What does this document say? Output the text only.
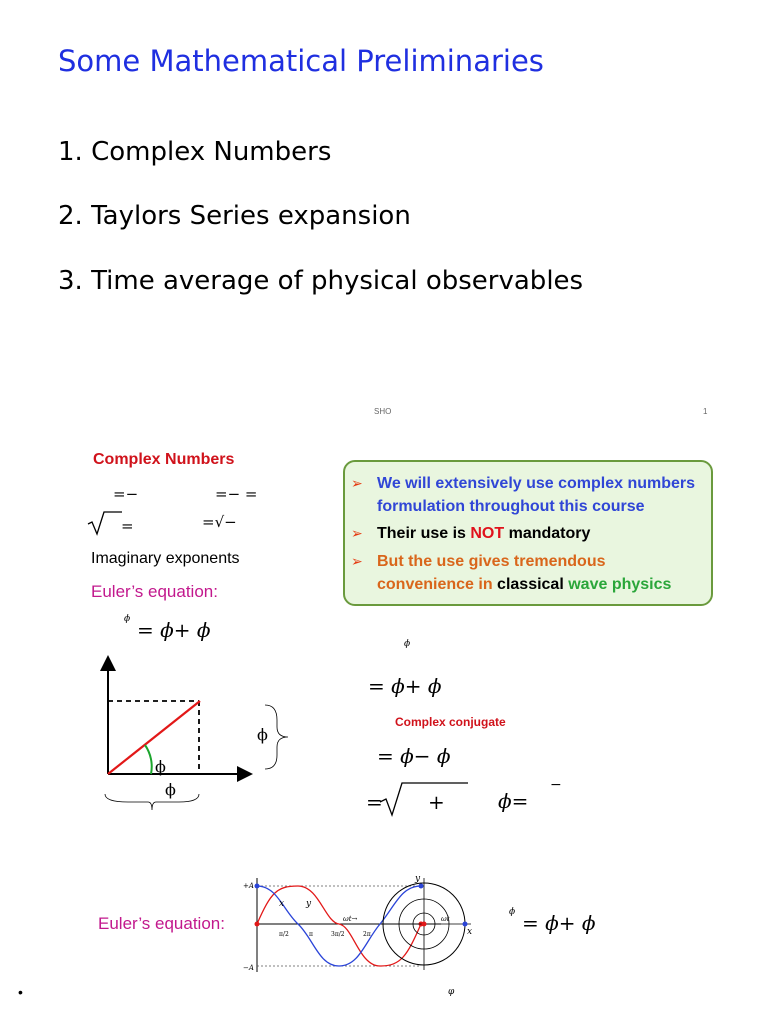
Some Mathematical Preliminaries
1. Complex Numbers
2. Taylors Series expansion
3. Time average of physical observables
SHO	1
Complex Numbers
=−	=− =
=	=√−
Imaginary exponents
Euler’s equation:
ϕ = ϕ+ ϕ
➢ We will extensively use complex numbers
formulation throughout this course
➢ Their use is NOT mandatory
➢ But the use gives tremendous
convenience in classical wave physics
ϕ
= ϕ+ ϕ
Complex conjugate
= ϕ− ϕ
= +	ϕ=
−
ϕ
ϕ
ϕ
Euler’s equation:
+A
−A
x y
ωt→
π/2	π	3π/2	2π	x
y
ωt
ϕ = ϕ+ ϕ
•	φ
